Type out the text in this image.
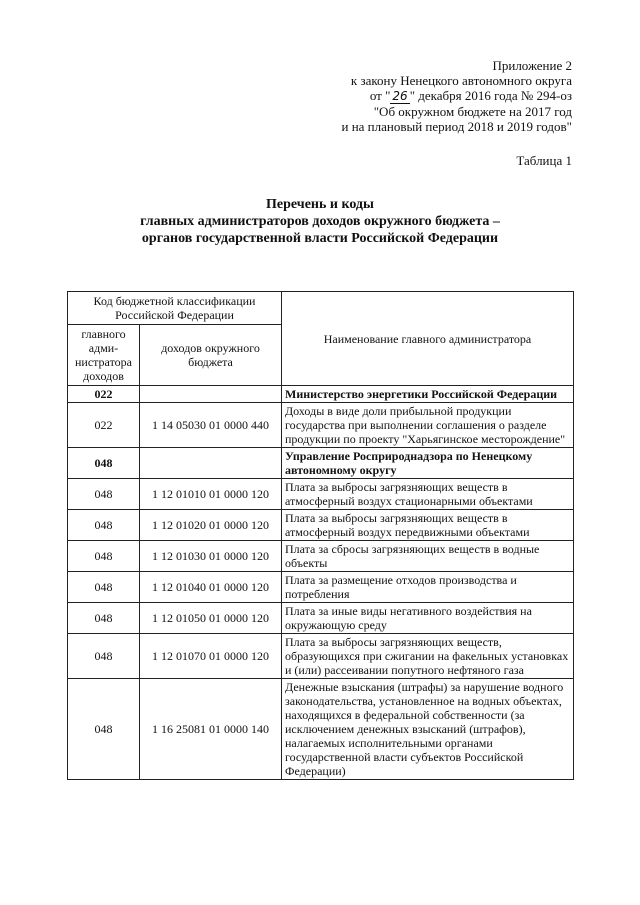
Приложение 2
к закону Ненецкого автономного округа
от " 26 " декабря 2016 года № 294-оз
"Об окружном бюджете на 2017 год
и на плановый период 2018 и 2019 годов"
Таблица 1
Перечень и коды
главных администраторов доходов окружного бюджета –
органов государственной власти Российской Федерации
Код бюджетной классификации Российской Федерации		Наименование главного администратора
главного адми-нистратора доходов	доходов окружного бюджета	
022		Министерство энергетики Российской Федерации
022	1 14 05030 01 0000 440	Доходы в виде доли прибыльной продукции государства при выполнении соглашения о разделе продукции по проекту "Харьягинское месторождение"
048		Управление Росприроднадзора по Ненецкому автономному округу
048	1 12 01010 01 0000 120	Плата за выбросы загрязняющих веществ в атмосферный воздух стационарными объектами
048	1 12 01020 01 0000 120	Плата за выбросы загрязняющих веществ в атмосферный воздух передвижными объектами
048	1 12 01030 01 0000 120	Плата за сбросы загрязняющих веществ в водные объекты
048	1 12 01040 01 0000 120	Плата за размещение отходов производства и потребления
048	1 12 01050 01 0000 120	Плата за иные виды негативного воздействия на окружающую среду
048	1 12 01070 01 0000 120	Плата за выбросы загрязняющих веществ, образующихся при сжигании на факельных установках и (или) рассеивании попутного нефтяного газа
048	1 16 25081 01 0000 140	Денежные взыскания (штрафы) за нарушение водного законодательства, установленное на водных объектах, находящихся в федеральной собственности (за исключением денежных взысканий (штрафов), налагаемых исполнительными органами государственной власти субъектов Российской Федерации)
